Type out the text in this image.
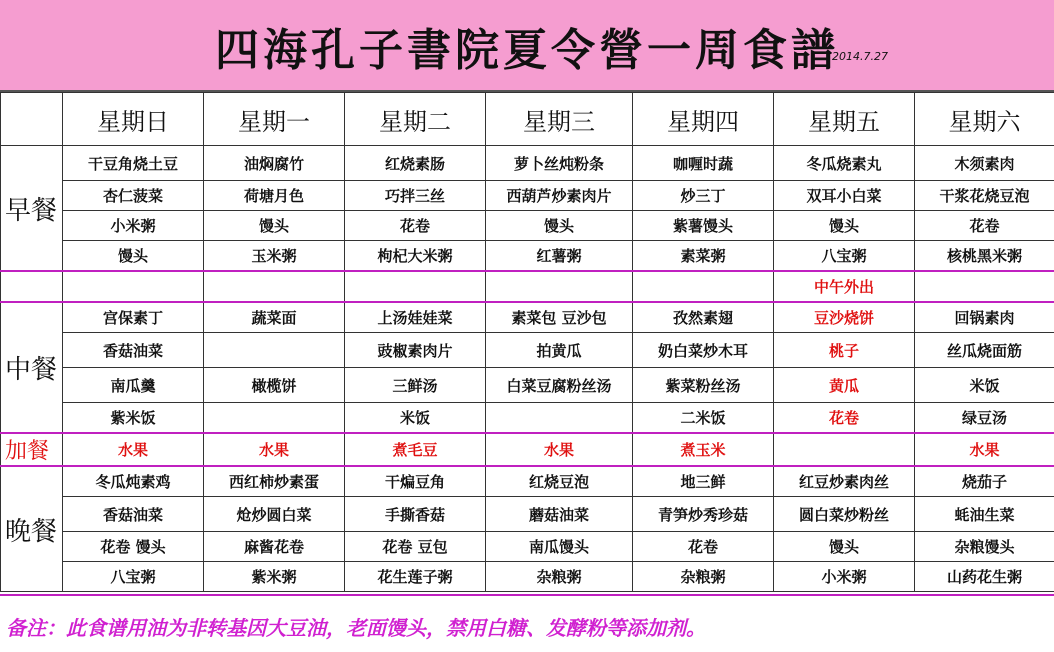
四海孔子書院夏令營一周食譜
2014.7.27
	星期日	星期一	星期二	星期三	星期四	星期五	星期六
早餐	干豆角烧土豆	油焖腐竹	红烧素肠	萝卜丝炖粉条	咖喱时蔬	冬瓜烧素丸	木须素肉
	杏仁菠菜	荷塘月色	巧拌三丝	西葫芦炒素肉片	炒三丁	双耳小白菜	干浆花烧豆泡
	小米粥	馒头	花卷	馒头	紫薯馒头	馒头	花卷
	馒头	玉米粥	枸杞大米粥	红薯粥	素菜粥	八宝粥	核桃黑米粥
						中午外出	
中餐	宫保素丁	蔬菜面	上汤娃娃菜	素菜包 豆沙包	孜然素翅	豆沙烧饼	回锅素肉
	香菇油菜		豉椒素肉片	拍黄瓜	奶白菜炒木耳	桃子	丝瓜烧面筋
	南瓜羹	橄榄饼	三鲜汤	白菜豆腐粉丝汤	紫菜粉丝汤	黄瓜	米饭
	紫米饭		米饭		二米饭	花卷	绿豆汤
加餐	水果	水果	煮毛豆	水果	煮玉米		水果
晚餐	冬瓜炖素鸡	西红柿炒素蛋	干煸豆角	红烧豆泡	地三鲜	红豆炒素肉丝	烧茄子
	香菇油菜	炝炒圆白菜	手撕香菇	蘑菇油菜	青笋炒秀珍菇	圆白菜炒粉丝	蚝油生菜
	花卷 馒头	麻酱花卷	花卷 豆包	南瓜馒头	花卷	馒头	杂粮馒头
	八宝粥	紫米粥	花生莲子粥	杂粮粥	杂粮粥	小米粥	山药花生粥
备注：此食谱用油为非转基因大豆油，老面馒头，禁用白糖、发酵粉等添加剂。
